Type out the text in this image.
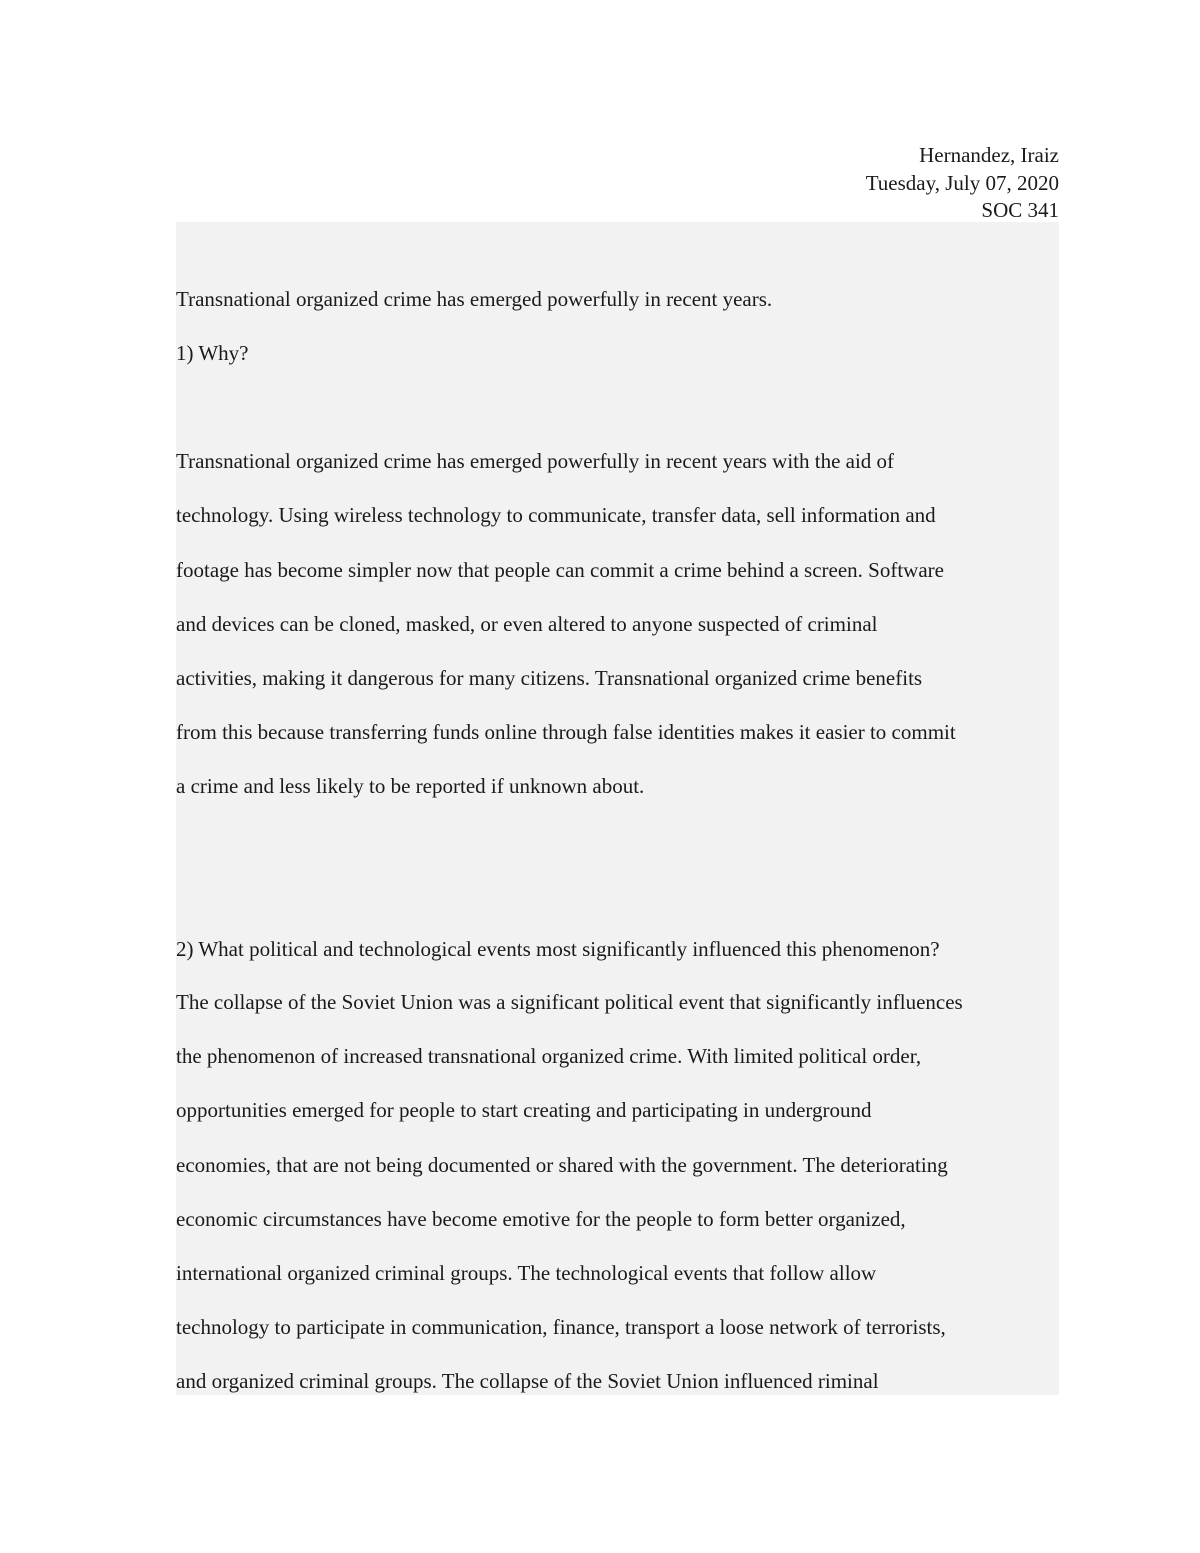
Hernandez, Iraiz
Tuesday, July 07, 2020
SOC 341
Transnational organized crime has emerged powerfully in recent years.
1) Why?
Transnational organized crime has emerged powerfully in recent years with the aid of
technology. Using wireless technology to communicate, transfer data, sell information and
footage has become simpler now that people can commit a crime behind a screen. Software
and devices can be cloned, masked, or even altered to anyone suspected of criminal
activities, making it dangerous for many citizens. Transnational organized crime benefits
from this because transferring funds online through false identities makes it easier to commit
a crime and less likely to be reported if unknown about.
2) What political and technological events most significantly influenced this phenomenon?
The collapse of the Soviet Union was a significant political event that significantly influences
the phenomenon of increased transnational organized crime. With limited political order,
opportunities emerged for people to start creating and participating in underground
economies, that are not being documented or shared with the government. The deteriorating
economic circumstances have become emotive for the people to form better organized,
international organized criminal groups. The technological events that follow allow
technology to participate in communication, finance, transport a loose network of terrorists,
and organized criminal groups. The collapse of the Soviet Union influenced riminal
